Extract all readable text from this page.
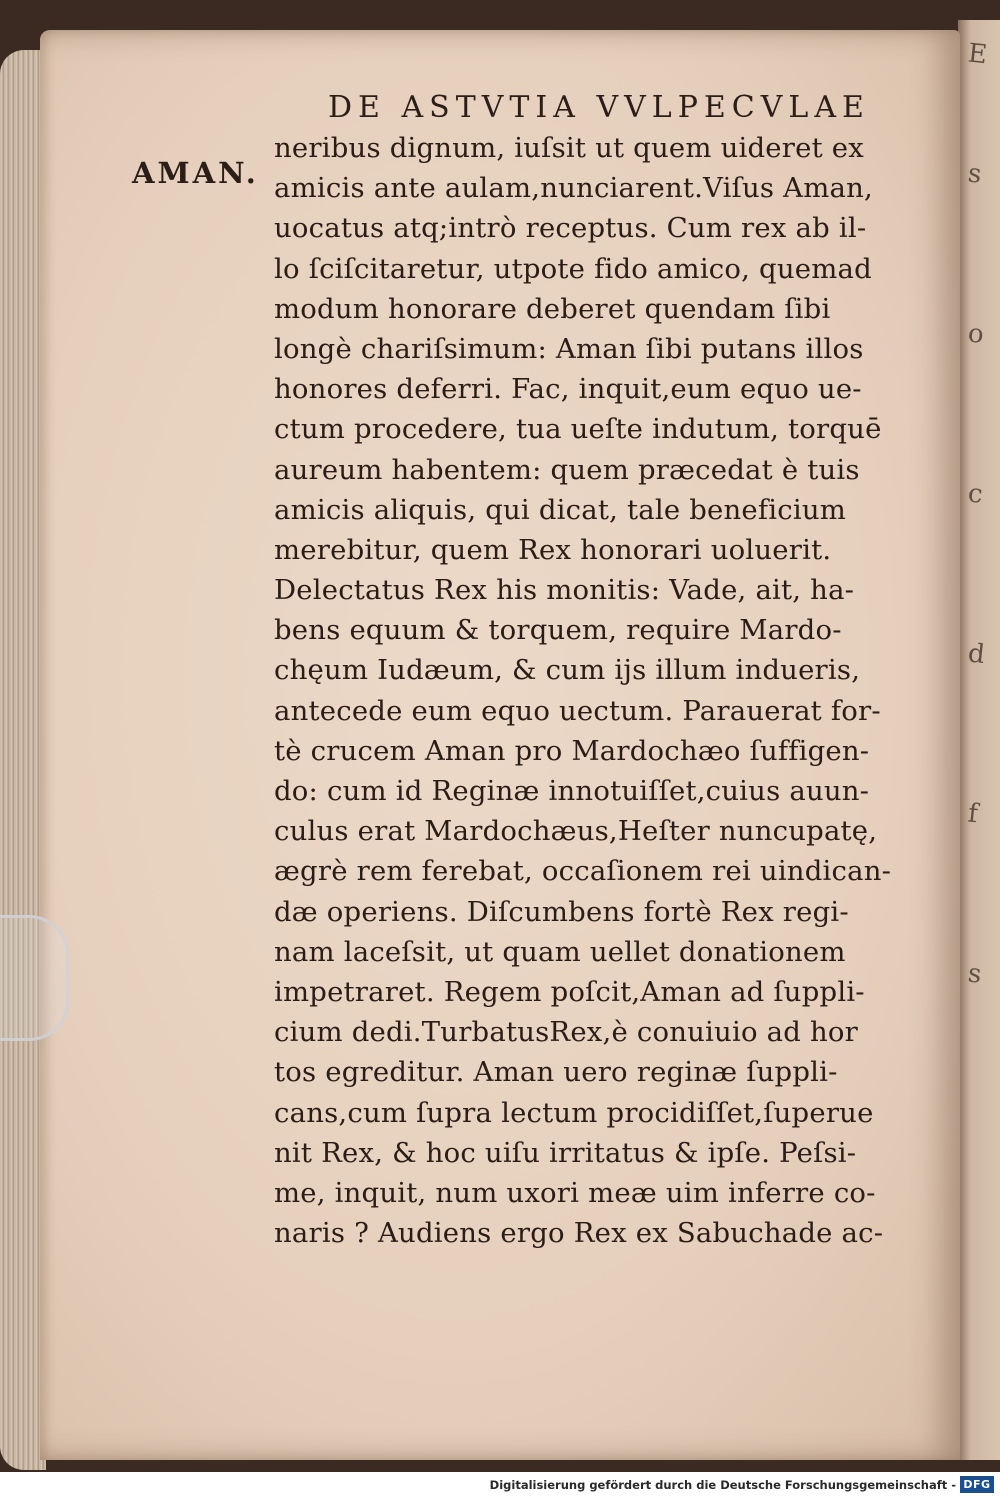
DE ASTVTIA VVLPECVLAE
AMAN.
neribus dignum, iuſsit ut quem uideret ex
amicis ante aulam,nunciarent.Viſus Aman,
uocatus atq;intrò receptus. Cum rex ab il-
lo ſciſcitaretur, utpote fido amico, quemad
modum honorare deberet quendam ſibi
longè chariſsimum: Aman ſibi putans illos
honores deferri. Fac, inquit,eum equo ue-
ctum procedere, tua ueſte indutum, torquē
aureum habentem: quem præcedat è tuis
amicis aliquis, qui dicat, tale beneficium
merebitur, quem Rex honorari uoluerit.
Delectatus Rex his monitis: Vade, ait, ha-
bens equum & torquem, require Mardo-
chęum Iudæum, & cum ijs illum indueris,
antecede eum equo uectum. Parauerat for-
tè crucem Aman pro Mardochæo ſuffigen-
do: cum id Reginæ innotuiſſet,cuius auun-
culus erat Mardochæus,Heſter nuncupatę,
ægrè rem ferebat, occaſionem rei uindican-
dæ operiens. Diſcumbens fortè Rex regi-
nam laceſsit, ut quam uellet donationem
impetraret. Regem poſcit,Aman ad ſuppli-
cium dedi.TurbatusRex,è conuiuio ad hor
tos egreditur. Aman uero reginæ ſuppli-
cans,cum ſupra lectum procidiſſet,ſuperue
nit Rex, & hoc uiſu irritatus & ipſe. Peſsi-
me, inquit, num uxori meæ uim inferre co-
naris ? Audiens ergo Rex ex Sabuchade ac-
E
s
o
c
d
f
s
Digitalisierung gefördert durch die Deutsche Forschungsgemeinschaft - DFG
